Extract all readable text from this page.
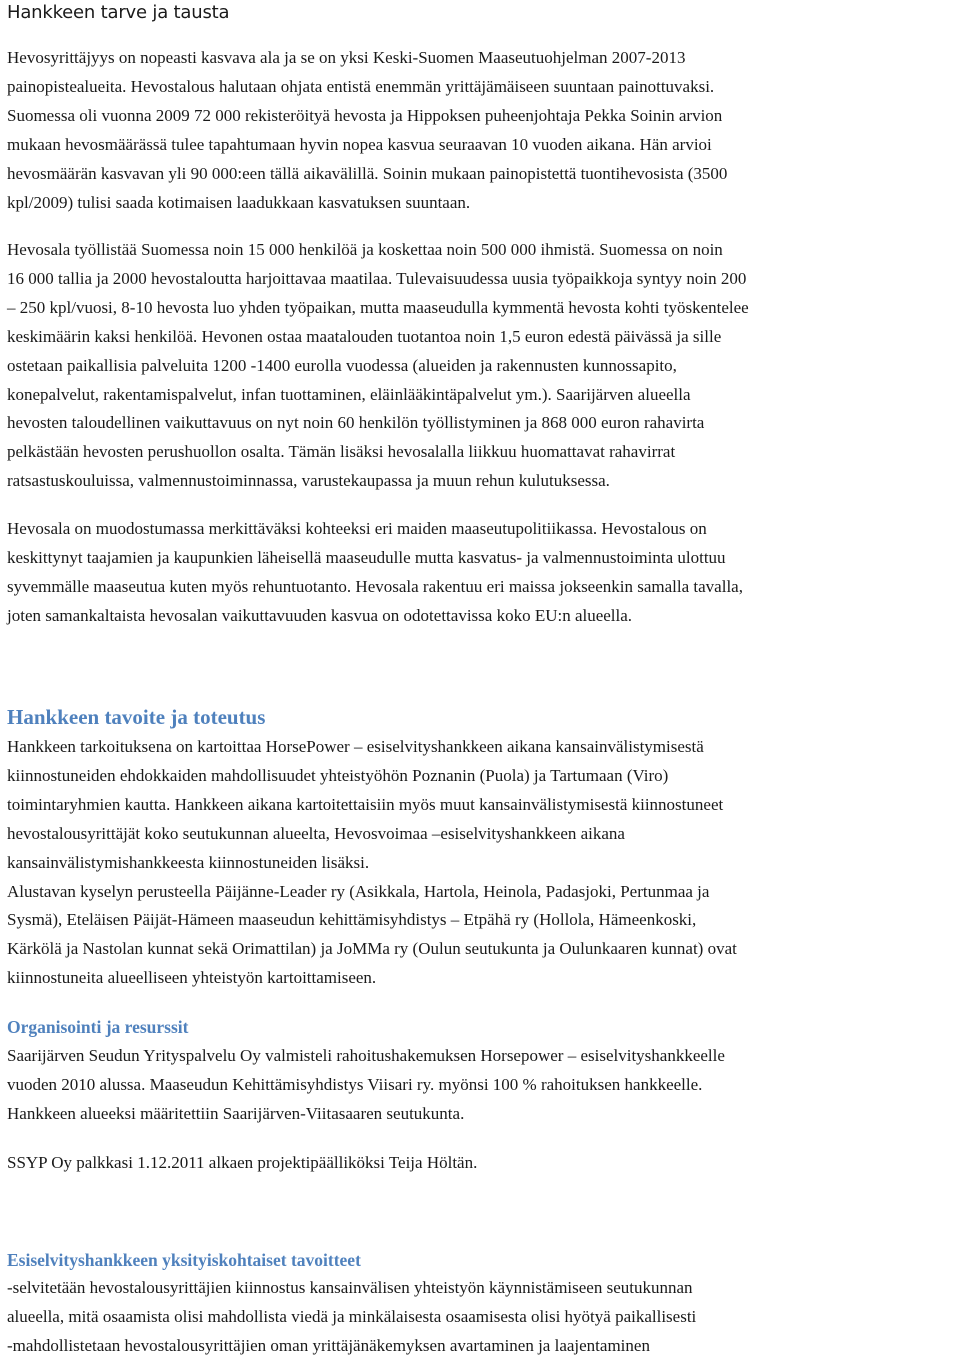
Hankkeen tarve ja tausta
Hevosyrittäjyys on nopeasti kasvava ala ja se on yksi Keski-Suomen Maaseutuohjelman 2007-2013
painopistealueita. Hevostalous halutaan ohjata entistä enemmän yrittäjämäiseen suuntaan painottuvaksi.
Suomessa oli vuonna 2009 72 000 rekisteröityä hevosta ja Hippoksen puheenjohtaja Pekka Soinin arvion
mukaan hevosmäärässä tulee tapahtumaan hyvin nopea kasvua seuraavan 10 vuoden aikana. Hän arvioi
hevosmäärän kasvavan yli 90 000:een tällä aikavälillä. Soinin mukaan painopistettä tuontihevosista (3500
kpl/2009) tulisi saada kotimaisen laadukkaan kasvatuksen suuntaan.
Hevosala työllistää Suomessa noin 15 000 henkilöä ja koskettaa noin 500 000 ihmistä. Suomessa on noin
16 000 tallia ja 2000 hevostaloutta harjoittavaa maatilaa. Tulevaisuudessa uusia työpaikkoja syntyy noin 200
– 250 kpl/vuosi, 8-10 hevosta luo yhden työpaikan, mutta maaseudulla kymmentä hevosta kohti työskentelee
keskimäärin kaksi henkilöä. Hevonen ostaa maatalouden tuotantoa noin 1,5 euron edestä päivässä ja sille
ostetaan paikallisia palveluita 1200 -1400 eurolla vuodessa (alueiden ja rakennusten kunnossapito,
konepalvelut, rakentamispalvelut, infan tuottaminen, eläinlääkintäpalvelut ym.). Saarijärven alueella
hevosten taloudellinen vaikuttavuus on nyt noin 60 henkilön työllistyminen ja 868 000 euron rahavirta
pelkästään hevosten perushuollon osalta. Tämän lisäksi hevosalalla liikkuu huomattavat rahavirrat
ratsastuskouluissa, valmennustoiminnassa, varustekaupassa ja muun rehun kulutuksessa.
Hevosala on muodostumassa merkittäväksi kohteeksi eri maiden maaseutupolitiikassa. Hevostalous on
keskittynyt taajamien ja kaupunkien läheisellä maaseudulle mutta kasvatus- ja valmennustoiminta ulottuu
syvemmälle maaseutua kuten myös rehuntuotanto. Hevosala rakentuu eri maissa jokseenkin samalla tavalla,
joten samankaltaista hevosalan vaikuttavuuden kasvua on odotettavissa koko EU:n alueella.
Hankkeen tavoite ja toteutus
Hankkeen tarkoituksena on kartoittaa HorsePower – esiselvityshankkeen aikana kansainvälistymisestä
kiinnostuneiden ehdokkaiden mahdollisuudet yhteistyöhön Poznanin (Puola) ja Tartumaan (Viro)
toimintaryhmien kautta. Hankkeen aikana kartoitettaisiin myös muut kansainvälistymisestä kiinnostuneet
hevostalousyrittäjät koko seutukunnan alueelta, Hevosvoimaa –esiselvityshankkeen aikana
kansainvälistymishankkeesta kiinnostuneiden lisäksi.
Alustavan kyselyn perusteella Päijänne-Leader ry (Asikkala, Hartola, Heinola, Padasjoki, Pertunmaa ja
Sysmä), Eteläisen Päijät-Hämeen maaseudun kehittämisyhdistys – Etpähä ry (Hollola, Hämeenkoski,
Kärkölä ja Nastolan kunnat sekä Orimattilan) ja JoMMa ry (Oulun seutukunta ja Oulunkaaren kunnat) ovat
kiinnostuneita alueelliseen yhteistyön kartoittamiseen.
Organisointi ja resurssit
Saarijärven Seudun Yrityspalvelu Oy valmisteli rahoitushakemuksen Horsepower – esiselvityshankkeelle
vuoden 2010 alussa. Maaseudun Kehittämisyhdistys Viisari ry. myönsi 100 % rahoituksen hankkeelle.
Hankkeen alueeksi määritettiin Saarijärven-Viitasaaren seutukunta.
SSYP Oy palkkasi 1.12.2011 alkaen projektipäälliköksi Teija Höltän.
Esiselvityshankkeen yksityiskohtaiset tavoitteet
-selvitetään hevostalousyrittäjien kiinnostus kansainvälisen yhteistyön käynnistämiseen seutukunnan
alueella, mitä osaamista olisi mahdollista viedä ja minkälaisesta osaamisesta olisi hyötyä paikallisesti
-mahdollistetaan hevostalousyrittäjien oman yrittäjänäkemyksen avartaminen ja laajentaminen
